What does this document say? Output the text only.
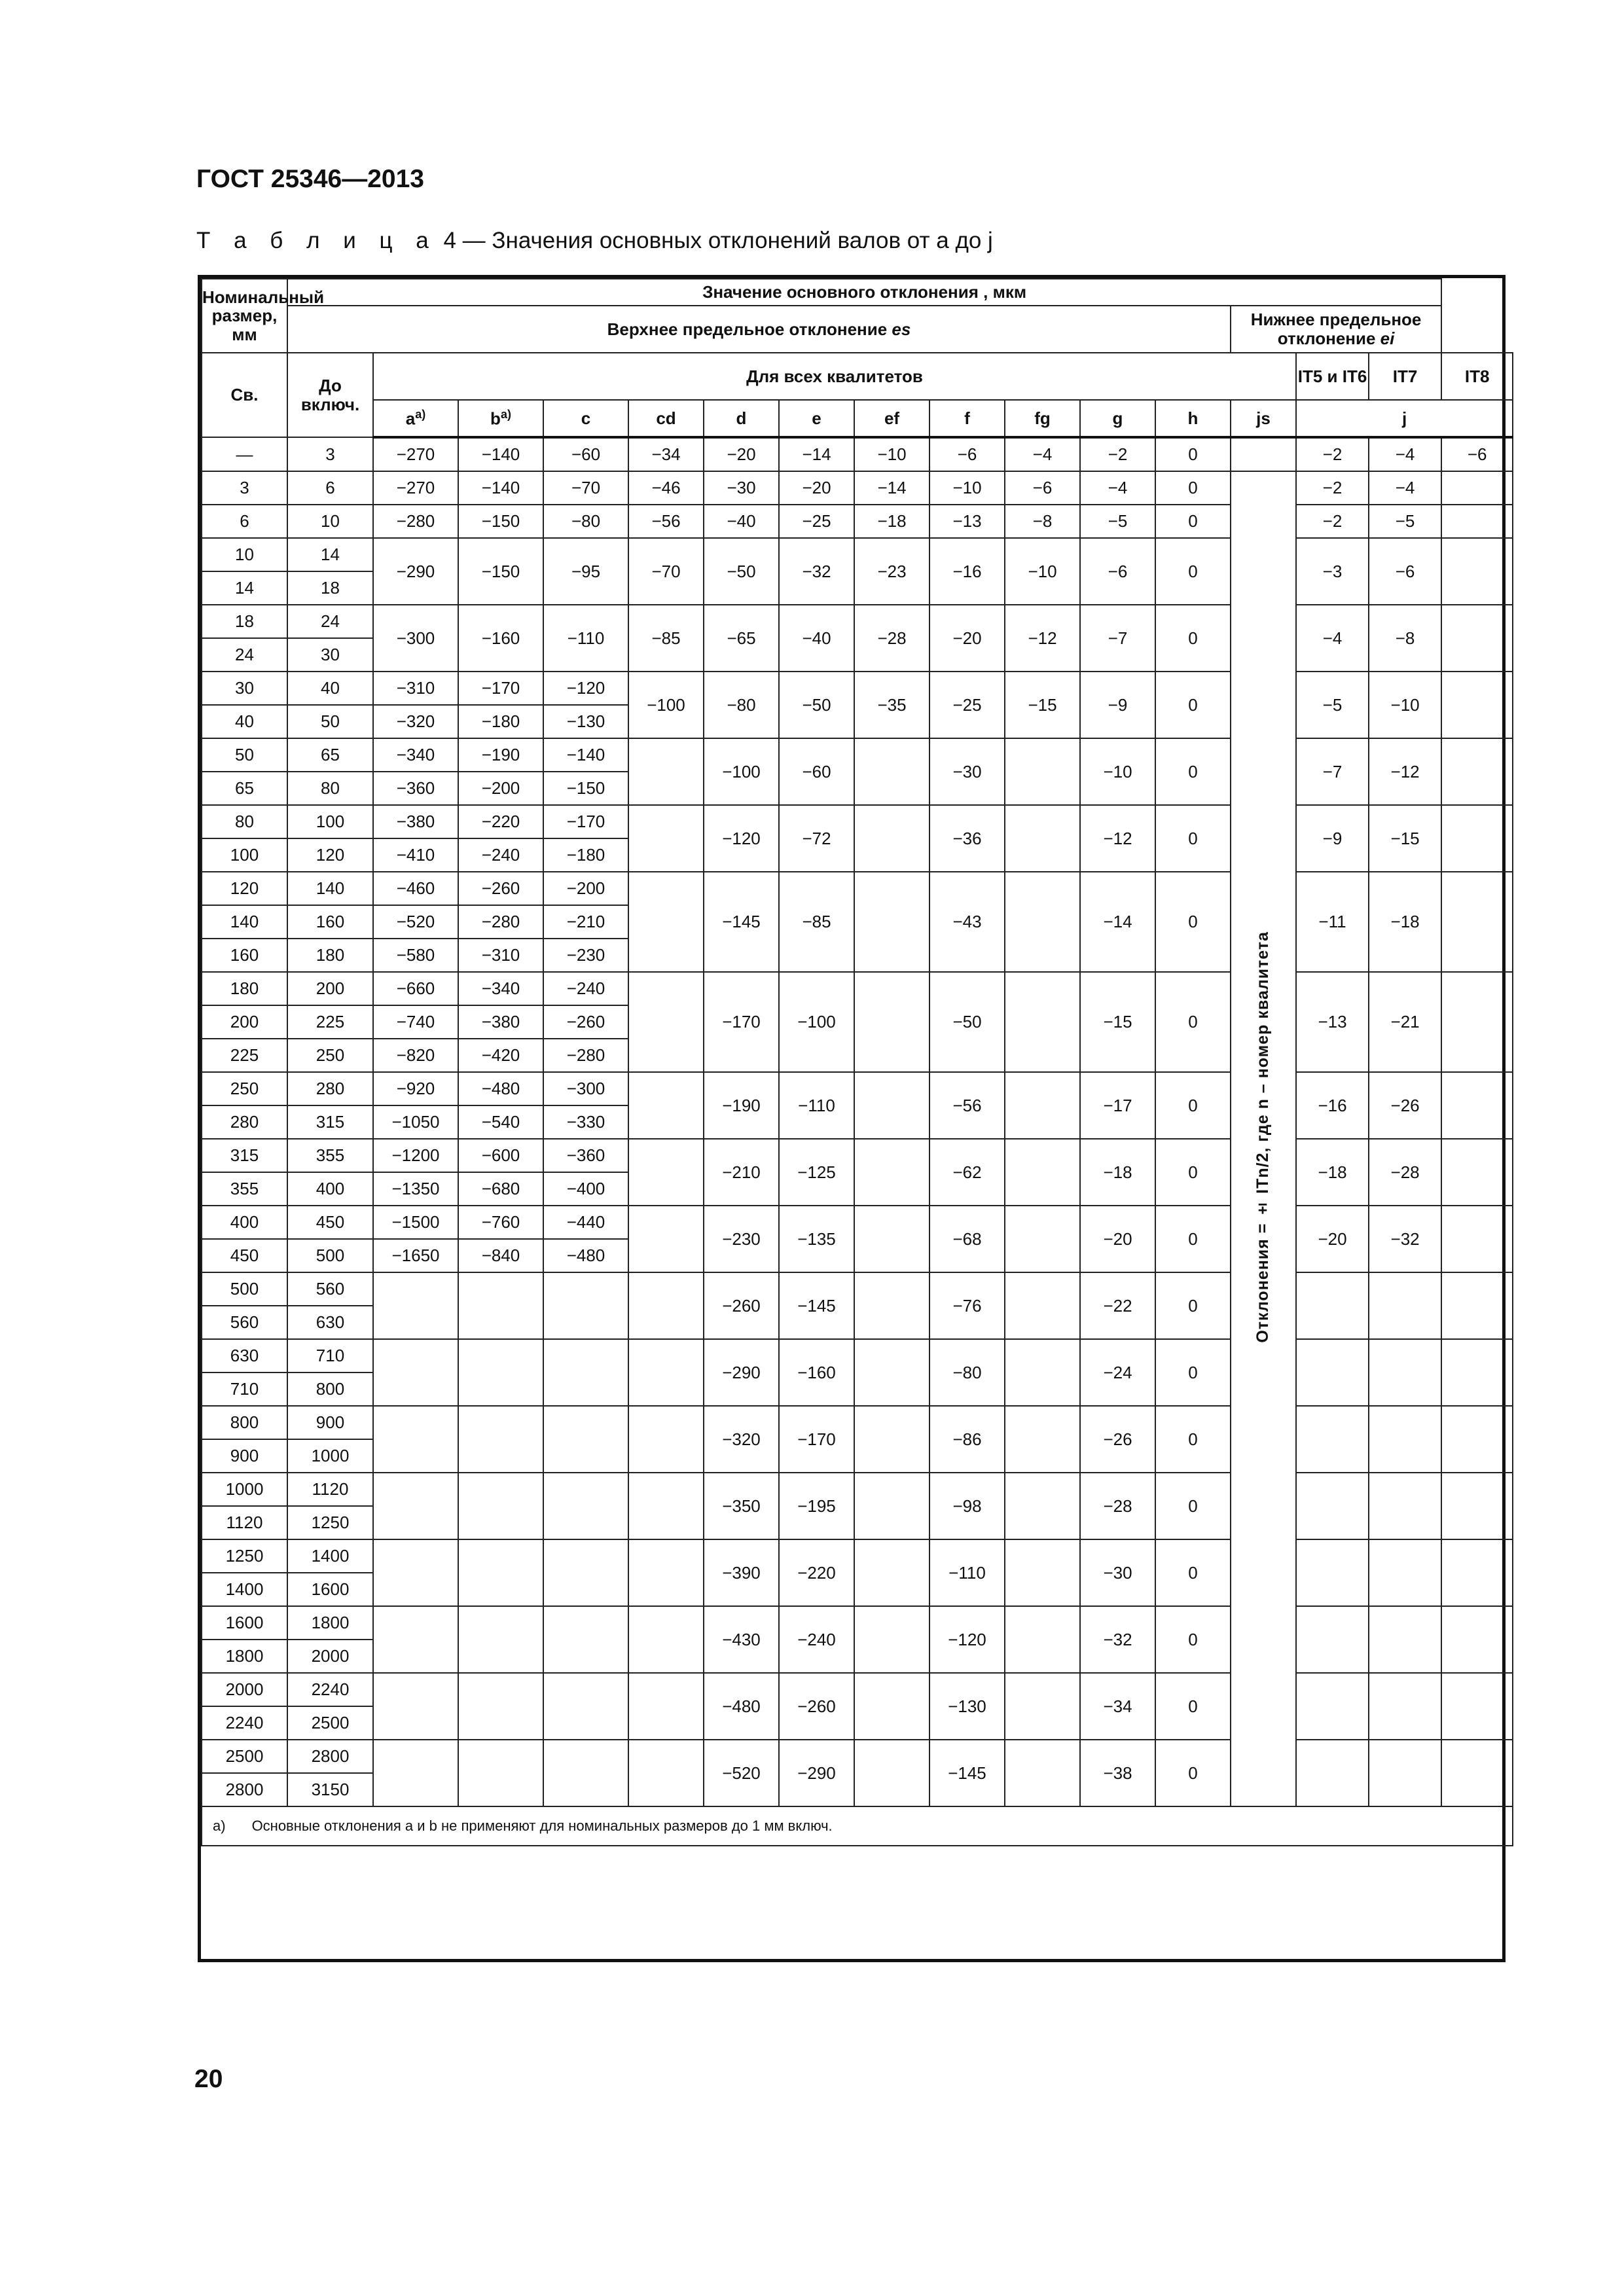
ГОСТ 25346—2013
Т а б л и ц а 4 — Значения основных отклонений валов от a до j
Номинальный размер, мм	Значение основного отклонения , мкм															
	Верхнее предельное отклонение es												Нижнее предельное отклонение ei			
Св.	До включ.	Для всех квалитетов												IT5 и IT6	IT7	IT8
		a$^{а)}$	b$^{а)}$	c	cd	d	e	ef	f	fg	g	h	js	j		
—	3	−270	−140	−60	−34	−20	−14	−10	−6	−4	−2	0		−2	−4	−6
3	6	−270	−140	−70	−46	−30	−20	−14	−10	−6	−4	0	Отклонения = ± ITn/2, где n – номер квалитета	−2	−4	
6	10	−280	−150	−80	−56	−40	−25	−18	−13	−8	−5	0		−2	−5	
10	14	−290	−150	−95	−70	−50	−32	−23	−16	−10	−6	0		−3	−6	
14	18															
18	24	−300	−160	−110	−85	−65	−40	−28	−20	−12	−7	0		−4	−8	
24	30															
30	40	−310	−170	−120	−100	−80	−50	−35	−25	−15	−9	0		−5	−10	
40	50	−320	−180	−130												
50	65	−340	−190	−140		−100	−60		−30		−10	0		−7	−12	
65	80	−360	−200	−150												
80	100	−380	−220	−170		−120	−72		−36		−12	0		−9	−15	
100	120	−410	−240	−180												
120	140	−460	−260	−200		−145	−85		−43		−14	0		−11	−18	
140	160	−520	−280	−210												
160	180	−580	−310	−230												
180	200	−660	−340	−240		−170	−100		−50		−15	0		−13	−21	
200	225	−740	−380	−260												
225	250	−820	−420	−280												
250	280	−920	−480	−300		−190	−110		−56		−17	0		−16	−26	
280	315	−1050	−540	−330												
315	355	−1200	−600	−360		−210	−125		−62		−18	0		−18	−28	
355	400	−1350	−680	−400												
400	450	−1500	−760	−440		−230	−135		−68		−20	0		−20	−32	
450	500	−1650	−840	−480												
500	560					−260	−145		−76		−22	0				
560	630															
630	710					−290	−160		−80		−24	0				
710	800															
800	900					−320	−170		−86		−26	0				
900	1000															
1000	1120					−350	−195		−98		−28	0				
1120	1250															
1250	1400					−390	−220		−110		−30	0				
1400	1600															
1600	1800					−430	−240		−120		−32	0				
1800	2000															
2000	2240					−480	−260		−130		−34	0				
2240	2500															
2500	2800					−520	−290		−145		−38	0				
2800	3150															
а) Основные отклонения a и b не применяют для номинальных размеров до 1 мм включ.																
20
